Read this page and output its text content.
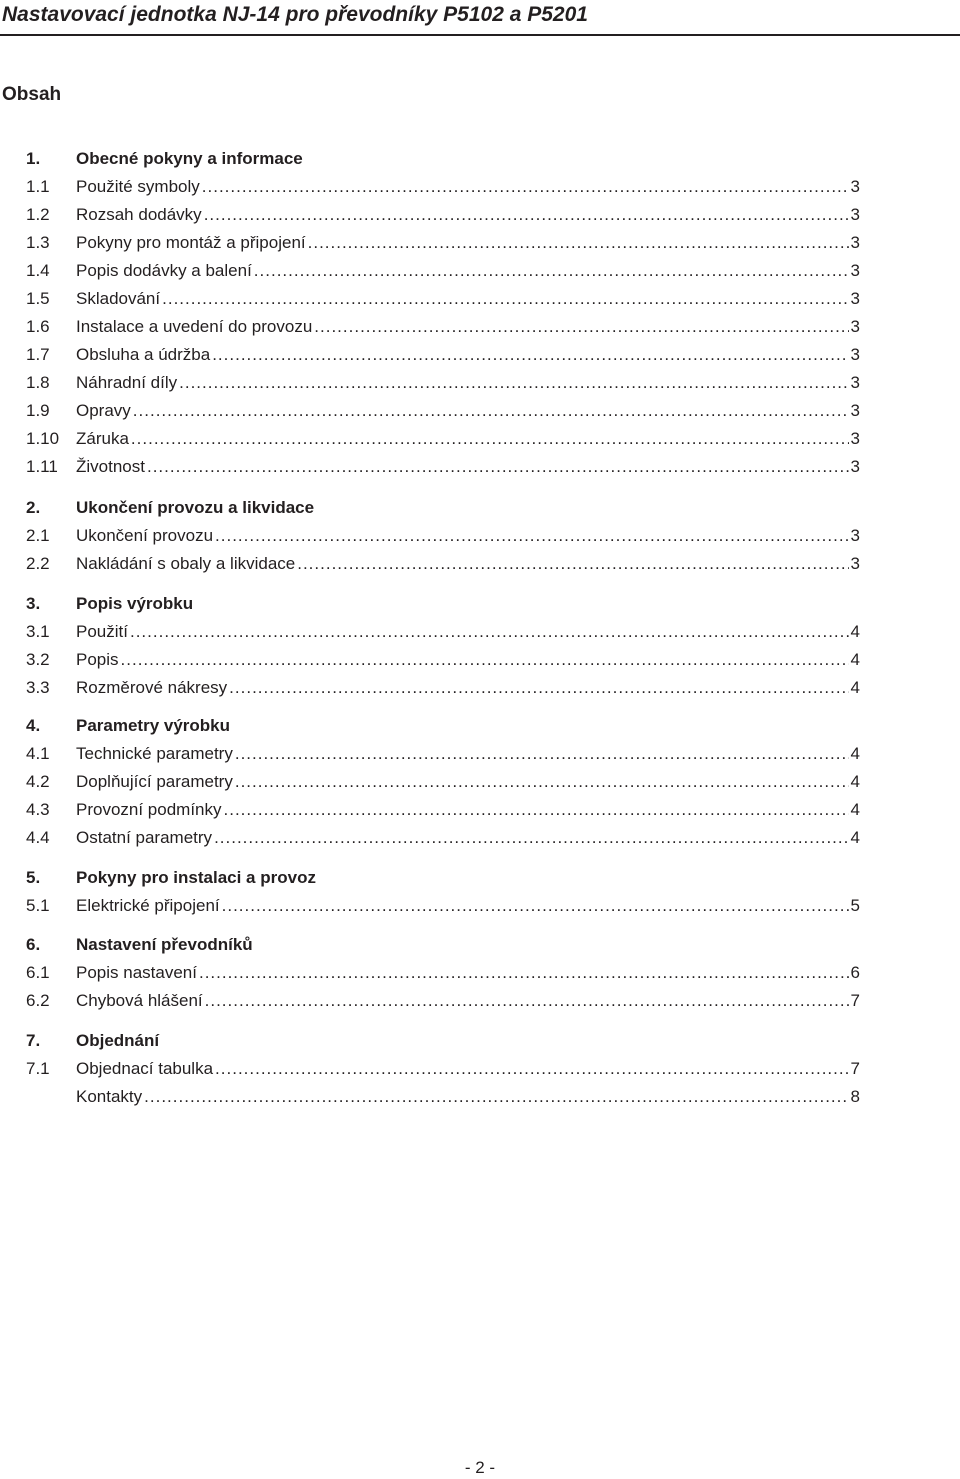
Nastavovací jednotka NJ-14 pro převodníky P5102 a P5201
Obsah
1. Obecné pokyny a informace
1.1 Použité symboly .....	3
1.2 Rozsah dodávky .....	3
1.3 Pokyny pro montáž a připojení .....	3
1.4 Popis dodávky a balení .....	3
1.5 Skladování .....	3
1.6 Instalace a uvedení do provozu .....	3
1.7 Obsluha a údržba .....	3
1.8 Náhradní díly .....	3
1.9 Opravy .....	3
1.10 Záruka .....	3
1.11 Životnost .....	3
2. Ukončení provozu a likvidace
2.1 Ukončení provozu .....	3
2.2 Nakládání s obaly a likvidace .....	3
3. Popis výrobku
3.1 Použití .....	4
3.2 Popis .....	4
3.3 Rozměrové nákresy .....	4
4. Parametry výrobku
4.1 Technické parametry .....	4
4.2 Doplňující parametry .....	4
4.3 Provozní podmínky .....	4
4.4 Ostatní parametry .....	4
5. Pokyny pro instalaci a provoz
5.1 Elektrické připojení .....	5
6. Nastavení převodníků
6.1 Popis nastavení .....	6
6.2 Chybová hlášení .....	7
7. Objednání
7.1 Objednací tabulka .....	7
Kontakty .....	8
- 2 -
